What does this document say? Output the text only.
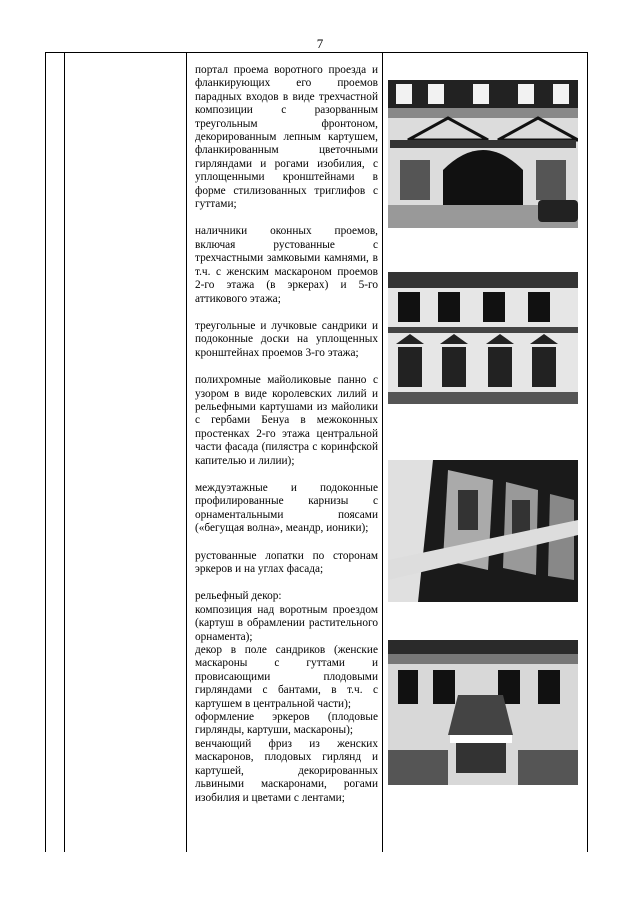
7

портал проема воротного проезда и фланкирующих его проемов парадных входов в виде трехчастной композиции с разорванным треугольным фронтоном, декорированным лепным картушем, фланкированным цветочными гирляндами и рогами изобилия, с уплощенными кронштейнами в форме стилизованных триглифов с гуттами;

наличники оконных проемов, включая рустованные с трехчастными замковыми камнями, в т.ч. с женским маскароном проемов 2-го этажа (в эркерах) и 5-го аттикового этажа;

треугольные и лучковые сандрики и подоконные доски на уплощенных кронштейнах проемов 3-го этажа;

полихромные майоликовые панно с узором в виде королевских лилий и рельефными картушами из майолики с гербами Бенуа в межоконных простенках 2-го этажа центральной части фасада (пилястра с коринфской капителью и лилии);

междуэтажные и подоконные профилированные карнизы с орнаментальными поясами («бегущая волна», меандр, ионики);

рустованные лопатки по сторонам эркеров и на углах фасада;

рельефный декор:

композиция над воротным проездом (картуш в обрамлении растительного орнамента);

декор в поле сандриков (женские маскароны с гуттами и провисающими плодовыми гирляндами с бантами, в т.ч. с картушем в центральной части);

оформление эркеров (плодовые гирлянды, картуши, маскароны);

венчающий фриз из женских маскаронов, плодовых гирлянд и картушей, декорированных львиными маскаронами, рогами изобилия и цветами с лентами;
